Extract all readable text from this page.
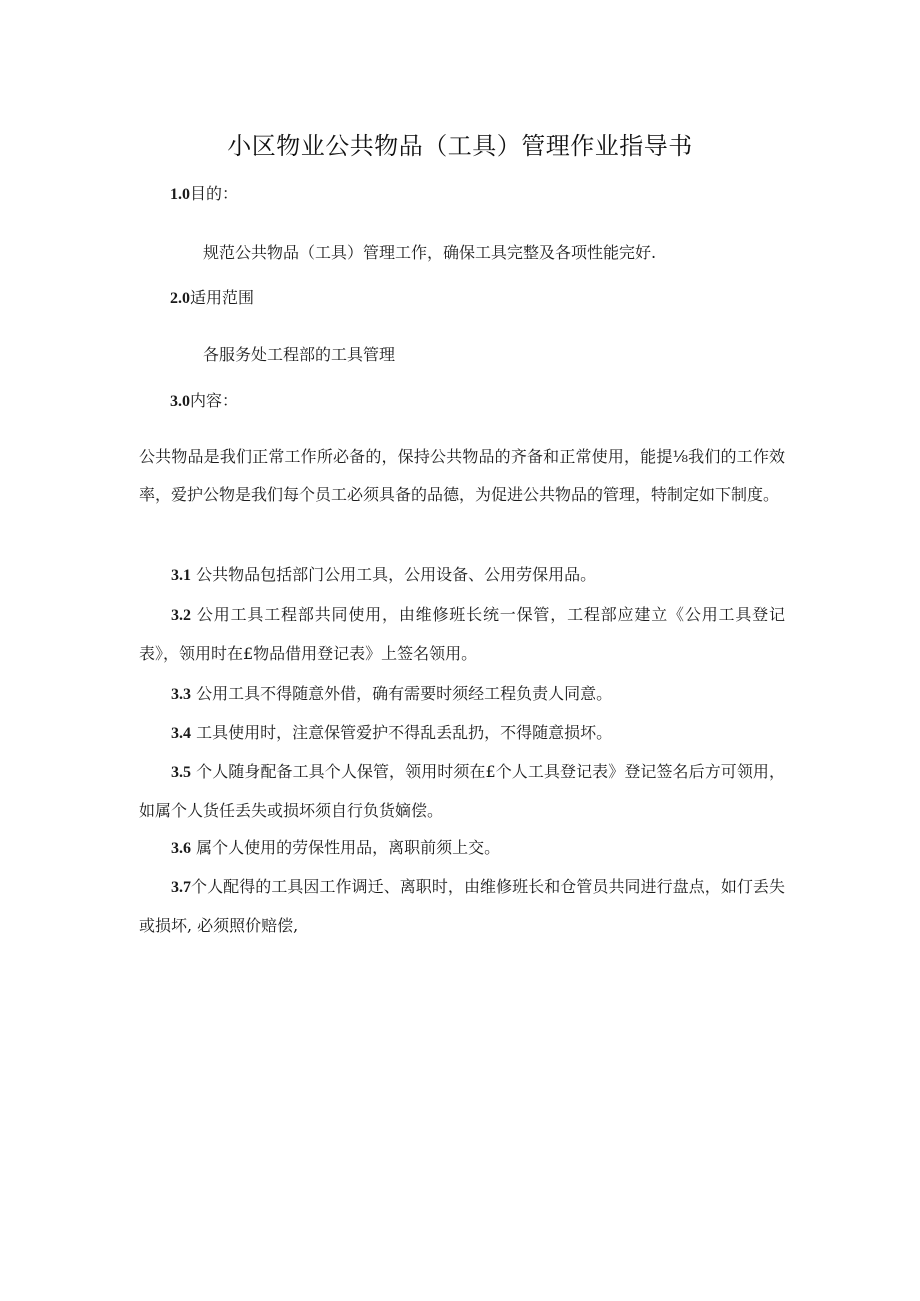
小区物业公共物品（工具）管理作业指导书
1.0目的：
规范公共物品（工具）管理工作，确保工具完整及各项性能完好.
2.0适用范围
各服务处工程部的工具管理
3.0内容：
公共物品是我们正常工作所必备的，保持公共物品的齐备和正常使用，能提⅛我们的工作效率，爱护公物是我们每个员工必须具备的品德，为促进公共物品的管理，特制定如下制度。
3.1 公共物品包括部门公用工具，公用设备、公用劳保用品。
3.2 公用工具工程部共同使用，由维修班长统一保管，工程部应建立《公用工具登记表》，领用时在£物品借用登记表》上签名领用。
3.3 公用工具不得随意外借，确有需要时须经工程负责人同意。
3.4 工具使用时，注意保管爱护不得乱丢乱扔，不得随意损坏。
3.5 个人随身配备工具个人保管，领用时须在£个人工具登记表》登记签名后方可领用，如属个人货任丢失或损坏须自行负货嫡偿。
3.6 属个人使用的劳保性用品，离职前须上交。
3.7个人配得的工具因工作调迁、离职时，由维修班长和仓管员共同进行盘点，如仃丢失或损坏, 必须照价赔偿,
